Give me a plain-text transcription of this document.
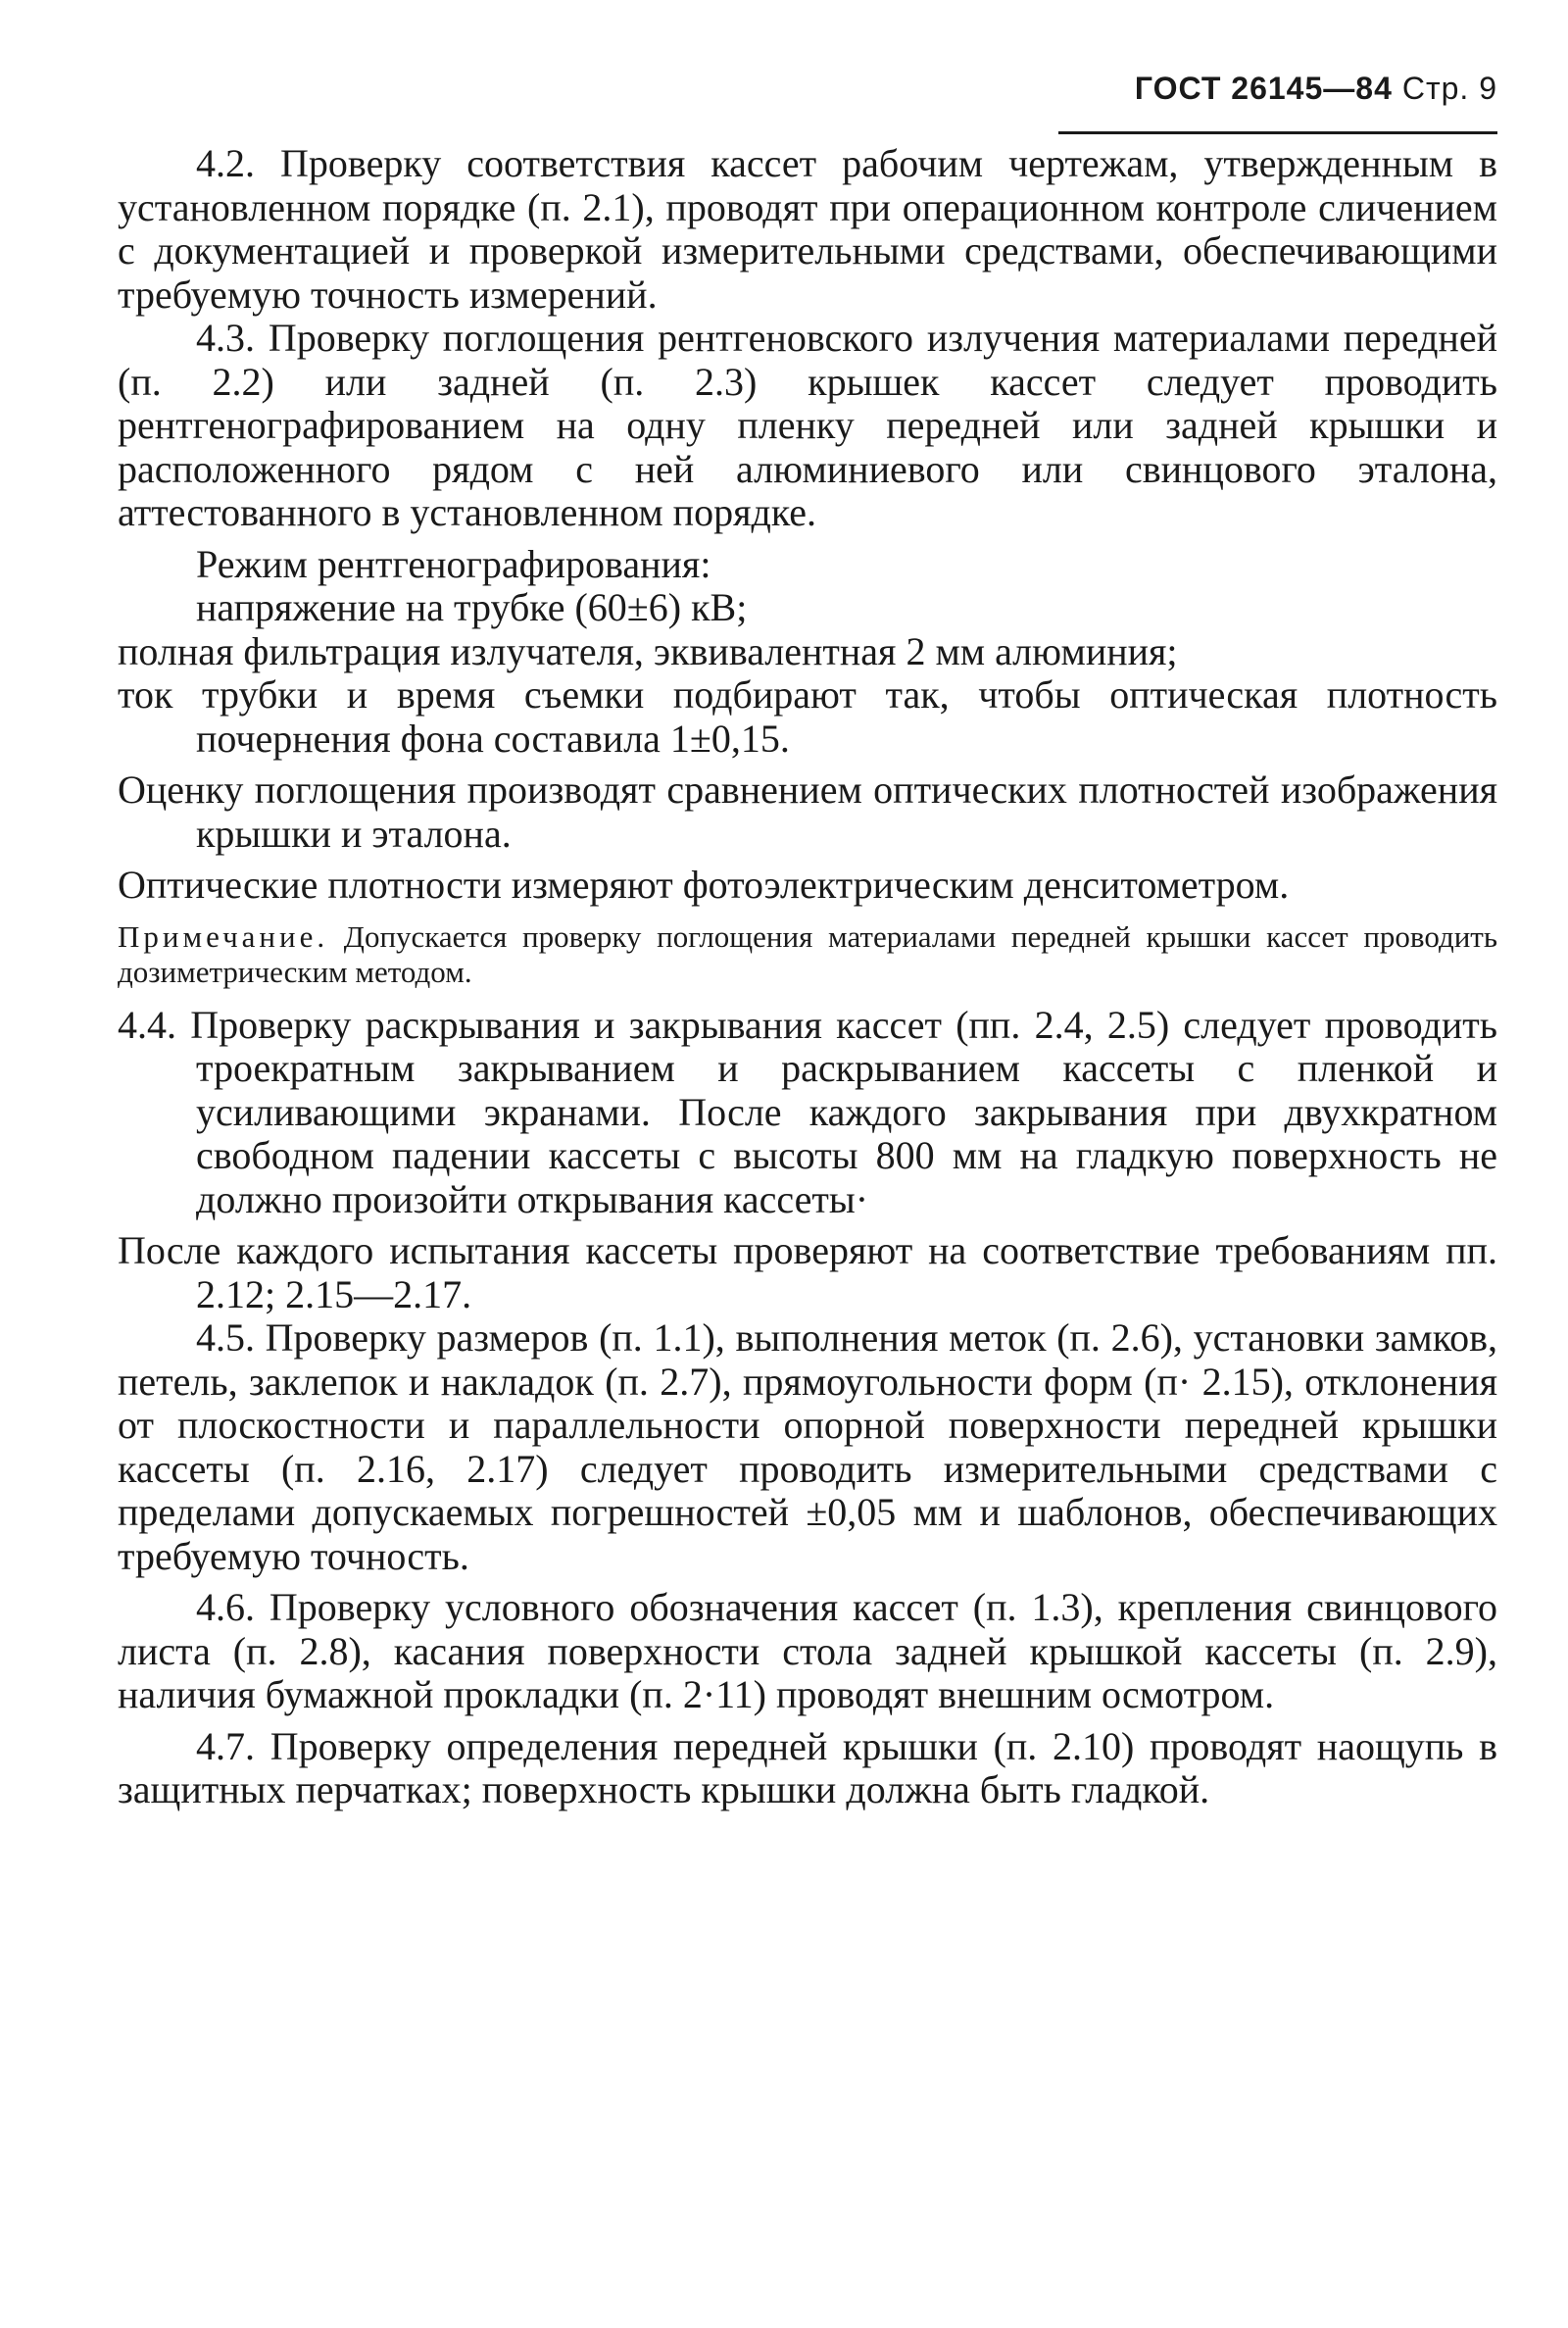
ГОСТ 26145—84 Стр. 9

4.2. Проверку соответствия кассет рабочим чертежам, утвержденным в установленном порядке (п. 2.1), проводят при операционном контроле сличением с документацией и проверкой измерительными средствами, обеспечивающими требуемую точность измерений.

4.3. Проверку поглощения рентгеновского излучения материалами передней (п. 2.2) или задней (п. 2.3) крышек кассет следует проводить рентгенографированием на одну пленку передней или задней крышки и расположенного рядом с ней алюминиевого или свинцового эталона, аттестованного в установленном порядке.

Режим рентгенографирования:

напряжение на трубке (60±6) кВ;

полная фильтрация излучателя, эквивалентная 2 мм алюминия;

ток трубки и время съемки подбирают так, чтобы оптическая плотность почернения фона составила 1±0,15.

Оценку поглощения производят сравнением оптических плотностей изображения крышки и эталона.

Оптические плотности измеряют фотоэлектрическим денситометром.

Примечание. Допускается проверку поглощения материалами передней крышки кассет проводить дозиметрическим методом.

4.4. Проверку раскрывания и закрывания кассет (пп. 2.4, 2.5) следует проводить троекратным закрыванием и раскрыванием кассеты с пленкой и усиливающими экранами. После каждого закрывания при двухкратном свободном падении кассеты с высоты 800 мм на гладкую поверхность не должно произойти открывания кассеты·

После каждого испытания кассеты проверяют на соответствие требованиям пп. 2.12; 2.15—2.17.

4.5. Проверку размеров (п. 1.1), выполнения меток (п. 2.6), установки замков, петель, заклепок и накладок (п. 2.7), прямоугольности форм (п· 2.15), отклонения от плоскостности и параллельности опорной поверхности передней крышки кассеты (п. 2.16, 2.17) следует проводить измерительными средствами с пределами допускаемых погрешностей ±0,05 мм и шаблонов, обеспечивающих требуемую точность.

4.6. Проверку условного обозначения кассет (п. 1.3), крепления свинцового листа (п. 2.8), касания поверхности стола задней крышкой кассеты (п. 2.9), наличия бумажной прокладки (п. 2·11) проводят внешним осмотром.

4.7. Проверку определения передней крышки (п. 2.10) проводят наощупь в защитных перчатках; поверхность крышки должна быть гладкой.
